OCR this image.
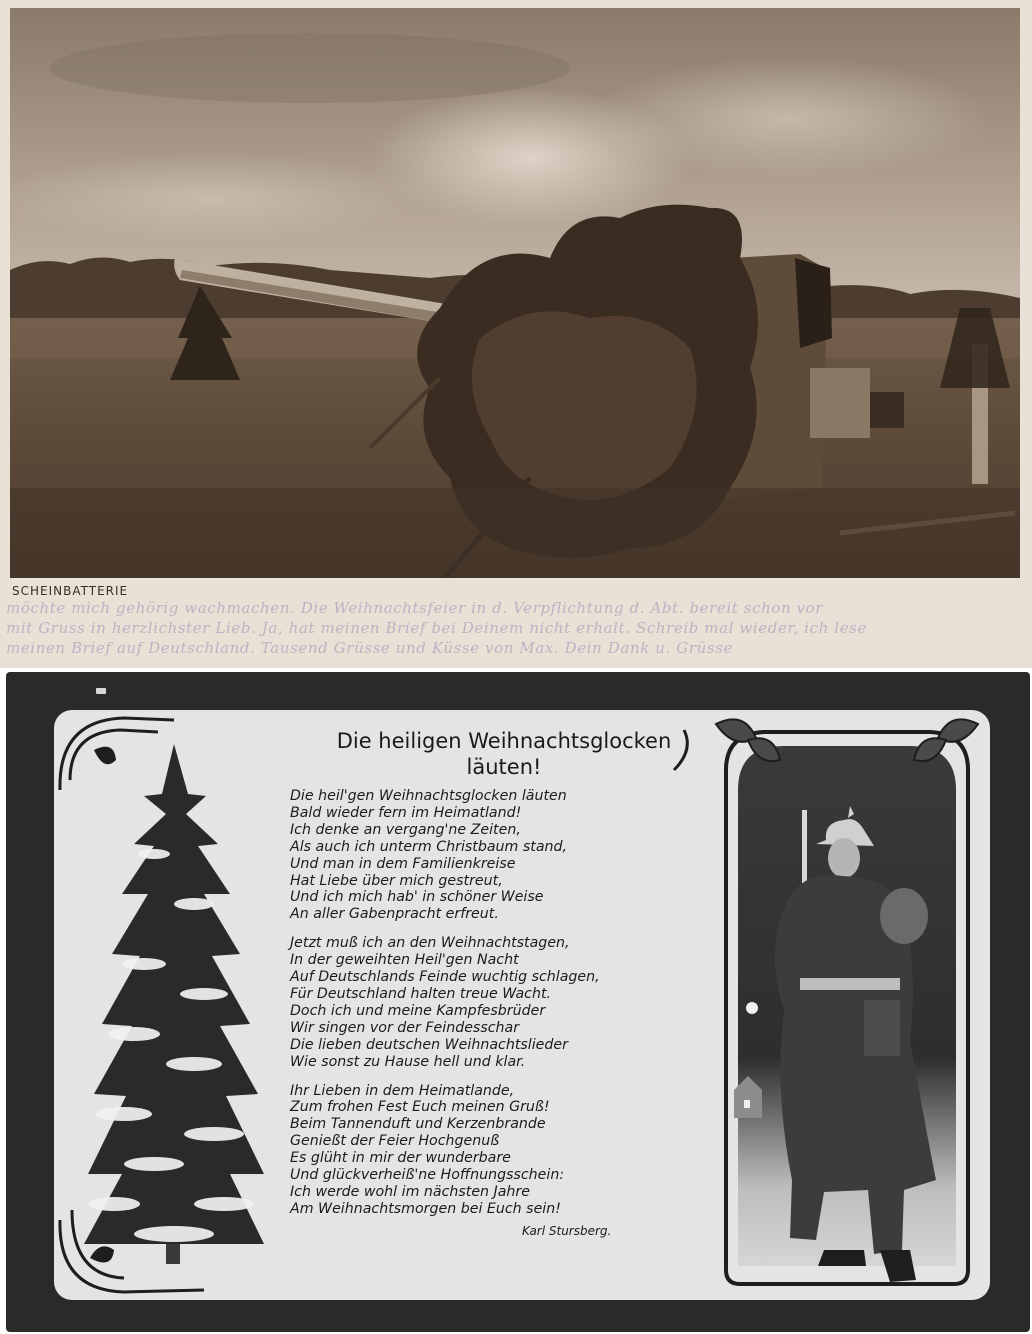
SCHEINBATTERIE
möchte mich gehörig wachmachen. Die Weihnachtsfeier in d. Verpflichtung d. Abt. bereit schon vor
mit Gruss in herzlichster Lieb. Ja, hat meinen Brief bei Deinem nicht erhalt. Schreib mal wieder, ich lese
meinen Brief auf Deutschland. Tausend Grüsse und Küsse von Max. Dein Dank u. Grüsse
Die heiligen Weihnachtsglocken
läuten!
Die heil'gen Weihnachtsglocken läuten
Bald wieder fern im Heimatland!
Ich denke an vergang'ne Zeiten,
Als auch ich unterm Christbaum stand,
Und man in dem Familienkreise
Hat Liebe über mich gestreut,
Und ich mich hab' in schöner Weise
An aller Gabenpracht erfreut.
Jetzt muß ich an den Weihnachtstagen,
In der geweihten Heil'gen Nacht
Auf Deutschlands Feinde wuchtig schlagen,
Für Deutschland halten treue Wacht.
Doch ich und meine Kampfesbrüder
Wir singen vor der Feindesschar
Die lieben deutschen Weihnachtslieder
Wie sonst zu Hause hell und klar.
Ihr Lieben in dem Heimatlande,
Zum frohen Fest Euch meinen Gruß!
Beim Tannenduft und Kerzenbrande
Genießt der Feier Hochgenuß
Es glüht in mir der wunderbare
Und glückverheiß'ne Hoffnungsschein:
Ich werde wohl im nächsten Jahre
Am Weihnachtsmorgen bei Euch sein!
Karl Stursberg.
